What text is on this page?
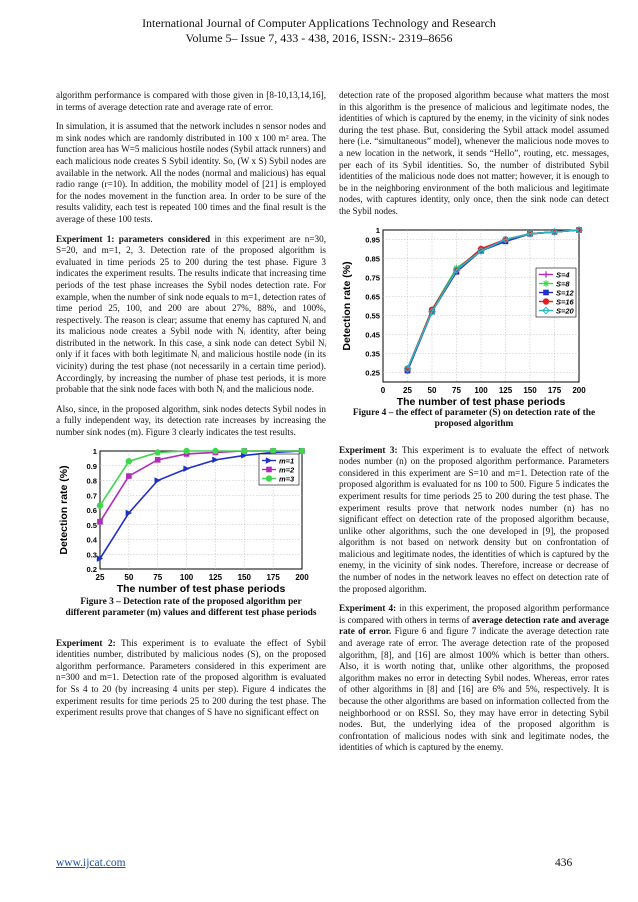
International Journal of Computer Applications Technology and Research
Volume 5– Issue 7, 433 - 438, 2016, ISSN:- 2319–8656

algorithm performance is compared with those given in [8-10,13,14,16], in terms of average detection rate and average rate of error.

In simulation, it is assumed that the network includes n sensor nodes and m sink nodes which are randomly distributed in 100 x 100 m² area. The function area has W=5 malicious hostile nodes (Sybil attack runners) and each malicious node creates S Sybil identity. So, (W x S) Sybil nodes are available in the network. All the nodes (normal and malicious) has equal radio range (r=10). In addition, the mobility model of [21] is employed for the nodes movement in the function area. In order to be sure of the results validity, each test is repeated 100 times and the final result is the average of these 100 tests.

Experiment 1: parameters considered in this experiment are n=30, S=20, and m=1, 2, 3. Detection rate of the proposed algorithm is evaluated in time periods 25 to 200 during the test phase. Figure 3 indicates the experiment results. The results indicate that increasing time periods of the test phase increases the Sybil nodes detection rate. For example, when the number of sink node equals to m=1, detection rates of time period 25, 100, and 200 are about 27%, 88%, and 100%, respectively. The reason is clear; assume that enemy has captured Nᵢ and its malicious node creates a Sybil node with Nᵢ identity, after being distributed in the network. In this case, a sink node can detect Sybil Nᵢ only if it faces with both legitimate Nᵢ and malicious hostile node (in its vicinity) during the test phase (not necessarily in a certain time period). Accordingly, by increasing the number of phase test periods, it is more probable that the sink node faces with both Nᵢ and the malicious node.

Also, since, in the proposed algorithm, sink nodes detects Sybil nodes in a fully independent way, its detection rate increases by increasing the number sink nodes (m). Figure 3 clearly indicates the test results.

25 50 75 100 125 150 175 200
0.2
0.3
0.4
0.5
0.6
0.7
0.8
0.9
1
The number of test phase periods
Detection rate (%)
m=1
m=2
m=3
Figure 3 – Detection rate of the proposed algorithm per different parameter (m) values and different test phase periods

Experiment 2: This experiment is to evaluate the effect of Sybil identities number, distributed by malicious nodes (S), on the proposed algorithm performance. Parameters considered in this experiment are n=300 and m=1. Detection rate of the proposed algorithm is evaluated for Ss 4 to 20 (by increasing 4 units per step). Figure 4 indicates the experiment results for time periods 25 to 200 during the test phase. The experiment results prove that changes of S have no significant effect on

detection rate of the proposed algorithm because what matters the most in this algorithm is the presence of malicious and legitimate nodes, the identities of which is captured by the enemy, in the vicinity of sink nodes during the test phase. But, considering the Sybil attack model assumed here (i.e. “simultaneous” model), whenever the malicious node moves to a new location in the network, it sends “Hello”, routing, etc. messages, per each of its Sybil identities. So, the number of distributed Sybil identities of the malicious node does not matter; however, it is enough to be in the neighboring environment of the both malicious and legitimate nodes, with captures identity, only once, then the sink node can detect the Sybil nodes.

0 25 50 75 100 125 150 175 200
0.25
0.35
0.45
0.55
0.65
0.75
0.85
0.95
1
The number of test phase periods
Detection rate (%)	S=4
S=8
S=12
S=16
S=20
Figure 4 – the effect of parameter (S) on detection rate of the proposed algorithm

Experiment 3: This experiment is to evaluate the effect of network nodes number (n) on the proposed algorithm performance. Parameters considered in this experiment are S=10 and m=1. Detection rate of the proposed algorithm is evaluated for ns 100 to 500. Figure 5 indicates the experiment results for time periods 25 to 200 during the test phase. The experiment results prove that network nodes number (n) has no significant effect on detection rate of the proposed algorithm because, unlike other algorithms, such the one developed in [9], the proposed algorithm is not based on network density but on confrontation of malicious and legitimate nodes, the identities of which is captured by the enemy, in the vicinity of sink nodes. Therefore, increase or decrease of the number of nodes in the network leaves no effect on detection rate of the proposed algorithm.

Experiment 4: in this experiment, the proposed algorithm performance is compared with others in terms of average detection rate and average rate of error. Figure 6 and figure 7 indicate the average detection rate and average rate of error. The average detection rate of the proposed algorithm, [8], and [16] are almost 100% which is better than others. Also, it is worth noting that, unlike other algorithms, the proposed algorithm makes no error in detecting Sybil nodes. Whereas, error rates of other algorithms in [8] and [16] are 6% and 5%, respectively. It is because the other algorithms are based on information collected from the neighborhood or on RSSI. So, they may have error in detecting Sybil nodes. But, the underlying idea of the proposed algorithm is confrontation of malicious nodes with sink and legitimate nodes, the identities of which is captured by the enemy.

www.ijcat.com	436
